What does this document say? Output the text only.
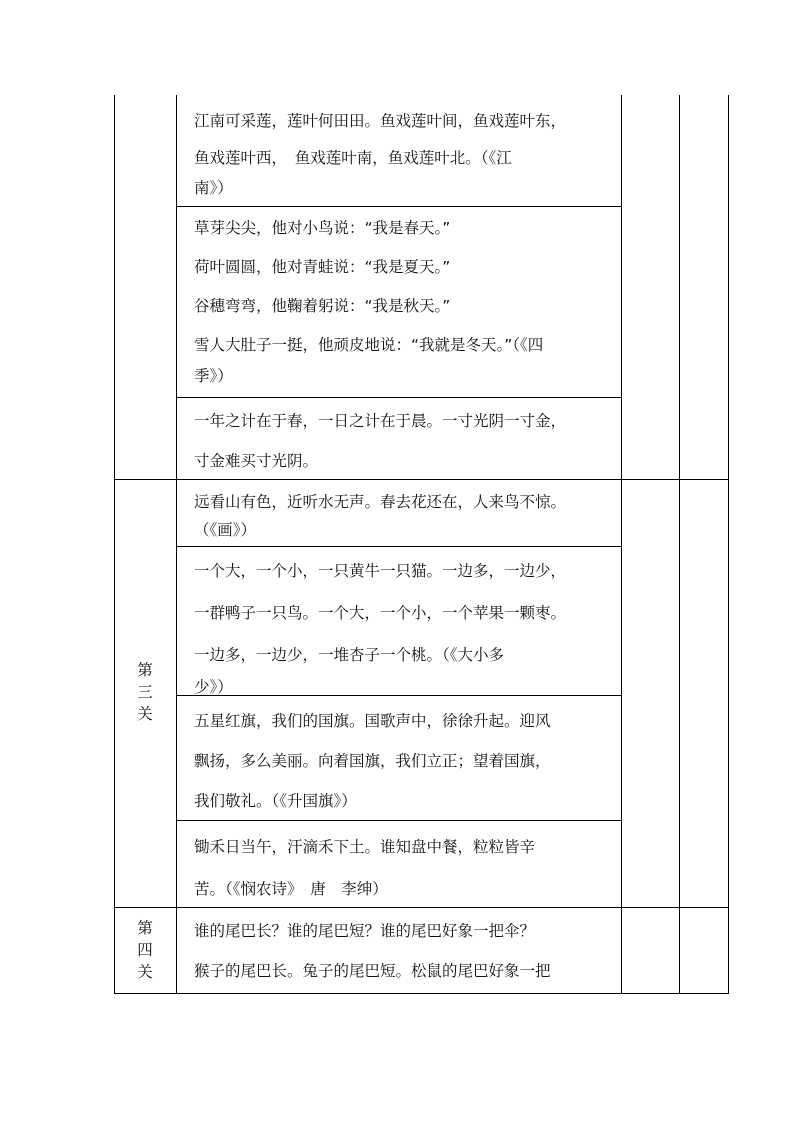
第
三
关
第
四
关
江南可采莲，莲叶何田田。鱼戏莲叶间，鱼戏莲叶东，
鱼戏莲叶西，　鱼戏莲叶南，鱼戏莲叶北。（《江
南》）
草芽尖尖，他对小鸟说：“我是春天。”
荷叶圆圆，他对青蛙说：“我是夏天。”
谷穗弯弯，他鞠着躬说：“我是秋天。”
雪人大肚子一挺，他顽皮地说：“我就是冬天。”（《四
季》）
一年之计在于春，一日之计在于晨。一寸光阴一寸金，
寸金难买寸光阴。
远看山有色，近听水无声。春去花还在，人来鸟不惊。
（《画》）
一个大，一个小，一只黄牛一只猫。一边多，一边少，
一群鸭子一只鸟。一个大，一个小，一个苹果一颗枣。
一边多，一边少，一堆杏子一个桃。（《大小多
少》）
五星红旗，我们的国旗。国歌声中，徐徐升起。迎风
飘扬，多么美丽。向着国旗，我们立正；望着国旗，
我们敬礼。（《升国旗》）
锄禾日当午，汗滴禾下土。谁知盘中餐，粒粒皆辛
苦。（《悯农诗》　唐　李绅）
谁的尾巴长？谁的尾巴短？谁的尾巴好象一把伞？
猴子的尾巴长。兔子的尾巴短。松鼠的尾巴好象一把
